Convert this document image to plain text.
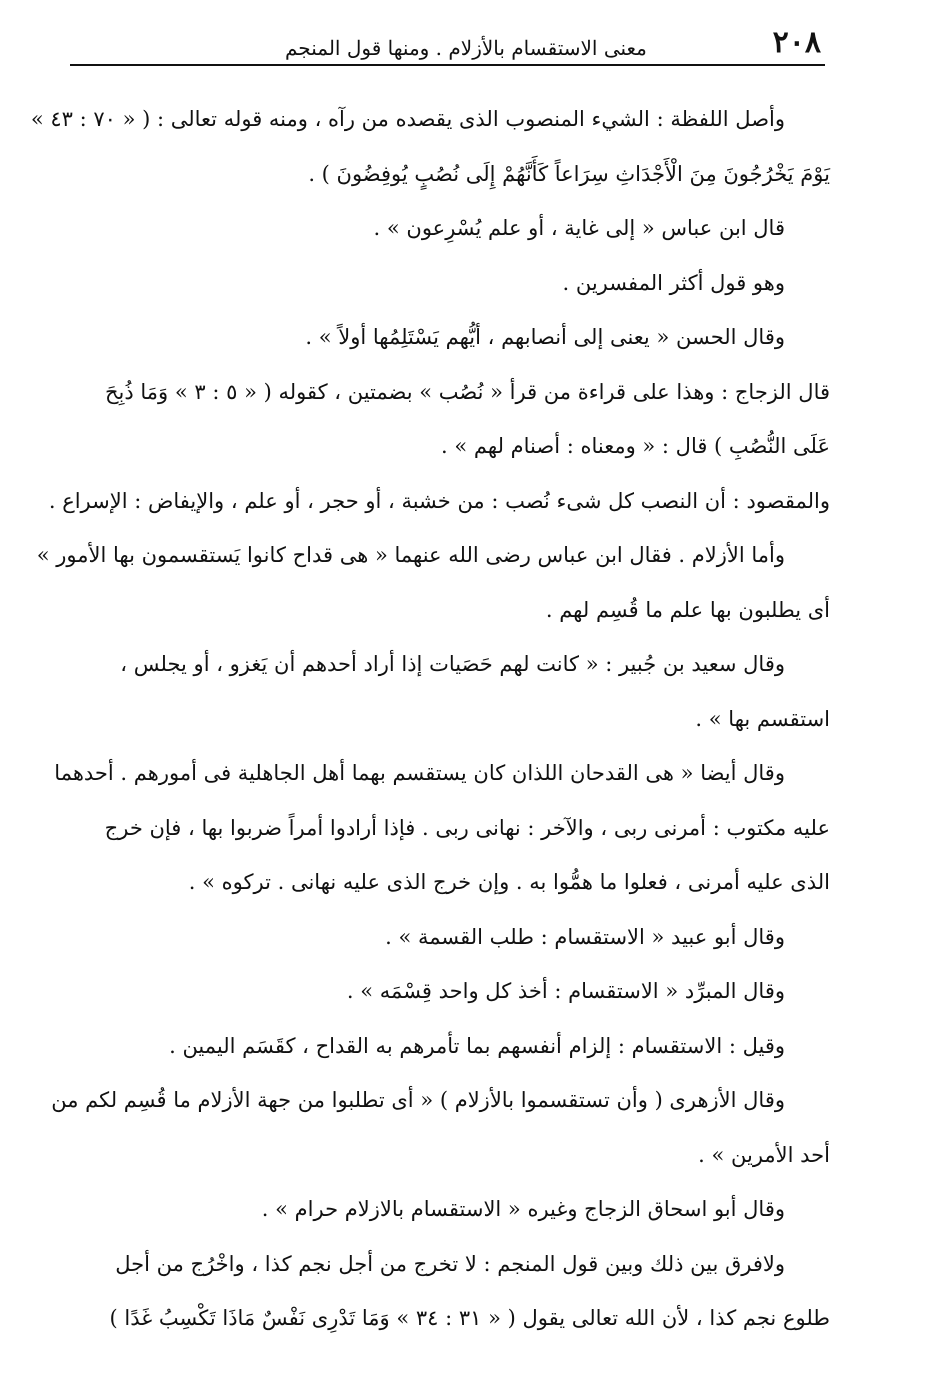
٢٠٨
معنى الاستقسام بالأزلام . ومنها قول المنجم
وأصل اللفظة : الشيء المنصوب الذى يقصده من رآه ، ومنه قوله تعالى : ( « ٧٠ : ٤٣ »
يَوْمَ يَخْرُجُونَ مِنَ الْأَجْدَاثِ سِرَاعاً كَأَنَّهُمْ إِلَى نُصُبٍ يُوفِضُونَ ) .
قال ابن عباس « إلى غاية ، أو علم يُسْرِعون » .
وهو قول أكثر المفسرين .
وقال الحسن « يعنى إلى أنصابهم ، أيُّهم يَسْتَلِمُها أولاً » .
قال الزجاج : وهذا على قراءة من قرأ « نُصُب » بضمتين ، كقوله ( « ٥ : ٣ » وَمَا ذُبِحَ
عَلَى النُّصُبِ ) قال : « ومعناه : أصنام لهم » .
والمقصود : أن النصب كل شىء نُصب : من خشبة ، أو حجر ، أو علم ، والإيفاض : الإسراع .
وأما الأزلام . فقال ابن عباس رضى الله عنهما « هى قداح كانوا يَستقسمون بها الأمور »
أى يطلبون بها علم ما قُسِم لهم .
وقال سعيد بن جُبير : « كانت لهم حَصَيات إذا أراد أحدهم أن يَغزو ، أو يجلس ،
استقسم بها » .
وقال أيضا « هى القدحان اللذان كان يستقسم بهما أهل الجاهلية فى أمورهم . أحدهما
عليه مكتوب : أمرنى ربى ، والآخر : نهانى ربى . فإذا أرادوا أمراً ضربوا بها ، فإن خرج
الذى عليه أمرنى ، فعلوا ما همُّوا به . وإن خرج الذى عليه نهانى . تركوه » .
وقال أبو عبيد « الاستقسام : طلب القسمة » .
وقال المبرِّد « الاستقسام : أخذ كل واحد قِسْمَه » .
وقيل : الاستقسام : إلزام أنفسهم بما تأمرهم به القداح ، كقَسَم اليمين .
وقال الأزهرى ( وأن تستقسموا بالأزلام ) « أى تطلبوا من جهة الأزلام ما قُسِم لكم من
أحد الأمرين » .
وقال أبو اسحاق الزجاج وغيره « الاستقسام بالازلام حرام » .
ولافرق بين ذلك وبين قول المنجم : لا تخرج من أجل نجم كذا ، واخْرُج من أجل
طلوع نجم كذا ، لأن الله تعالى يقول ( « ٣١ : ٣٤ » وَمَا تَدْرِى نَفْسٌ مَاذَا تَكْسِبُ غَدًا )
